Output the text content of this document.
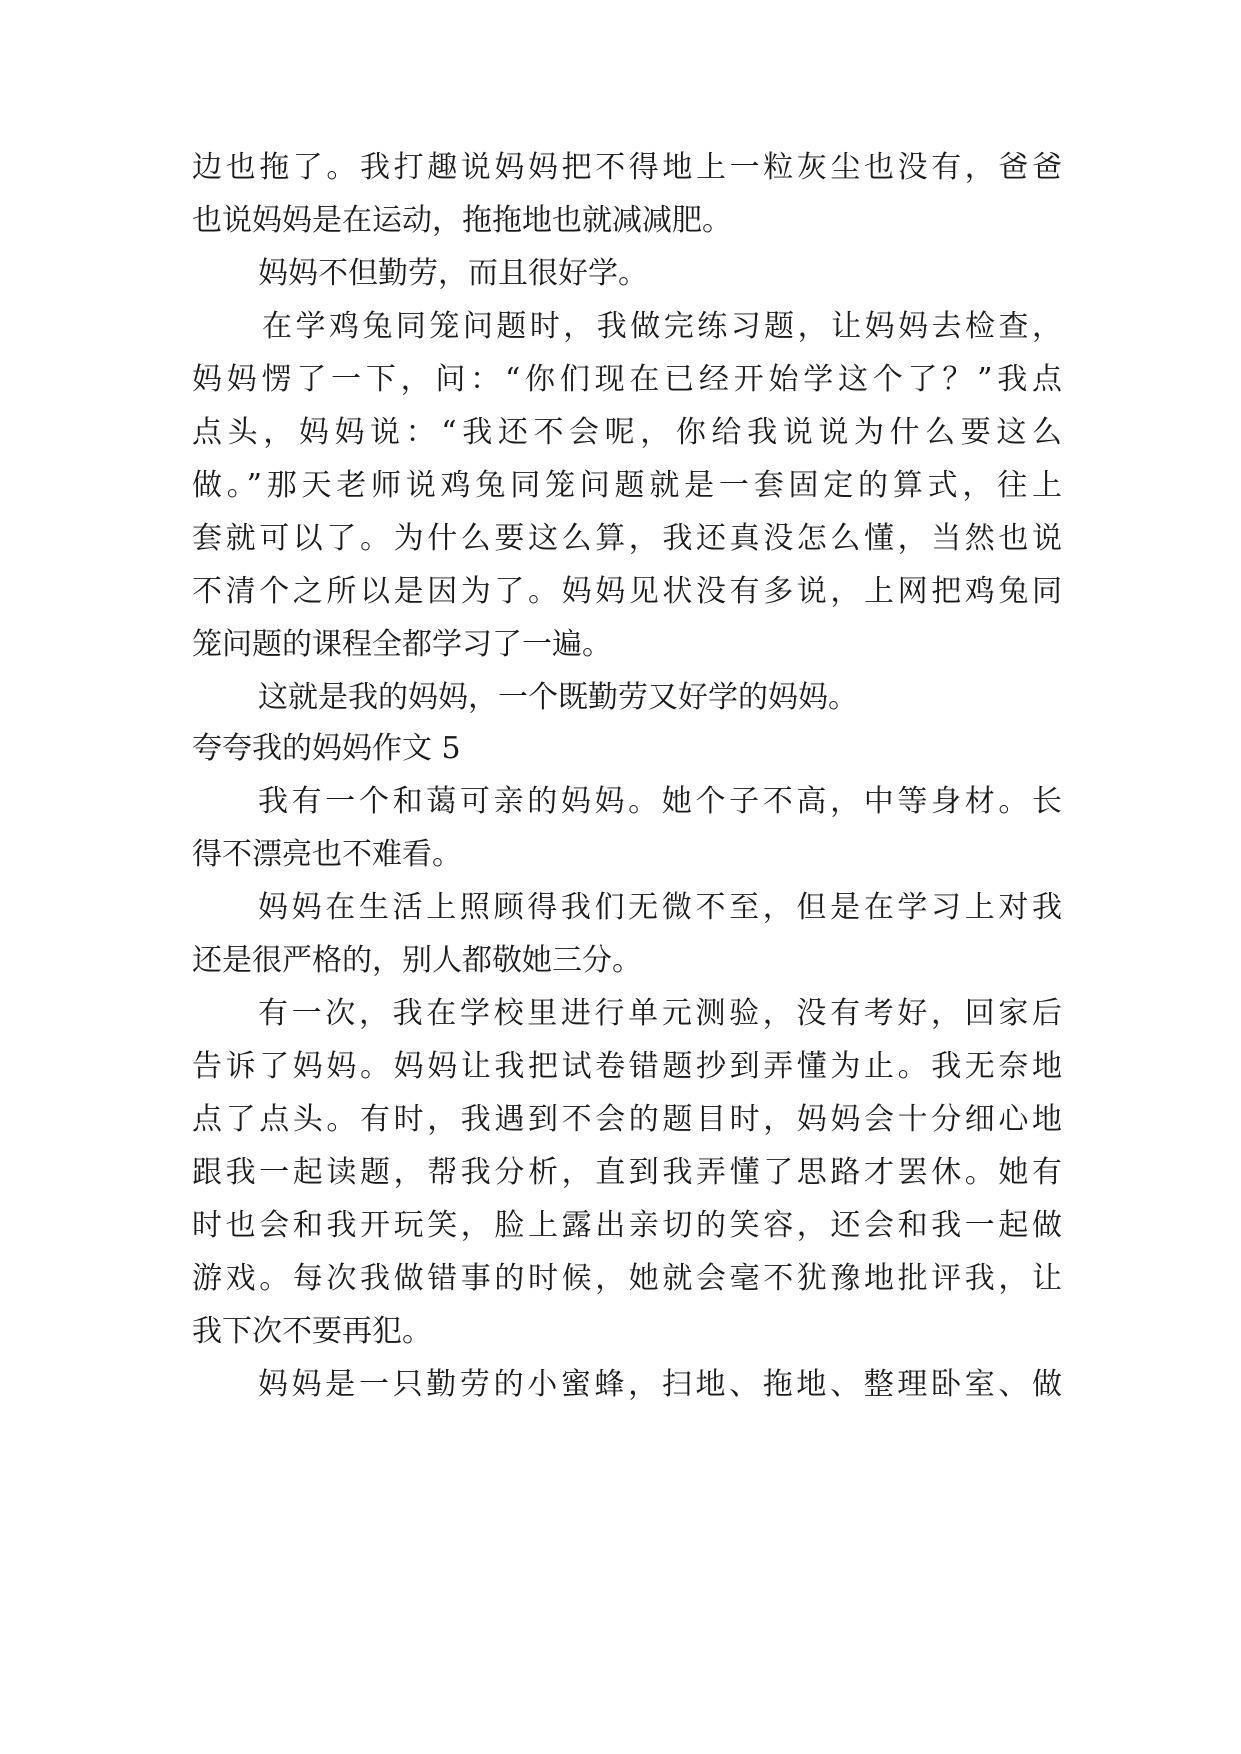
边也拖了。我打趣说妈妈把不得地上一粒灰尘也没有，爸爸
也说妈妈是在运动，拖拖地也就减减肥。
妈妈不但勤劳，而且很好学。
在学鸡兔同笼问题时，我做完练习题，让妈妈去检查，
妈妈愣了一下，问：“你们现在已经开始学这个了？”我点
点头，妈妈说：“我还不会呢，你给我说说为什么要这么
做。”那天老师说鸡兔同笼问题就是一套固定的算式，往上
套就可以了。为什么要这么算，我还真没怎么懂，当然也说
不清个之所以是因为了。妈妈见状没有多说，上网把鸡兔同
笼问题的课程全都学习了一遍。
这就是我的妈妈，一个既勤劳又好学的妈妈。
夸夸我的妈妈作文 5
我有一个和蔼可亲的妈妈。她个子不高，中等身材。长
得不漂亮也不难看。
妈妈在生活上照顾得我们无微不至，但是在学习上对我
还是很严格的，别人都敬她三分。
有一次，我在学校里进行单元测验，没有考好，回家后
告诉了妈妈。妈妈让我把试卷错题抄到弄懂为止。我无奈地
点了点头。有时，我遇到不会的题目时，妈妈会十分细心地
跟我一起读题，帮我分析，直到我弄懂了思路才罢休。她有
时也会和我开玩笑，脸上露出亲切的笑容，还会和我一起做
游戏。每次我做错事的时候，她就会毫不犹豫地批评我，让
我下次不要再犯。
妈妈是一只勤劳的小蜜蜂，扫地、拖地、整理卧室、做
